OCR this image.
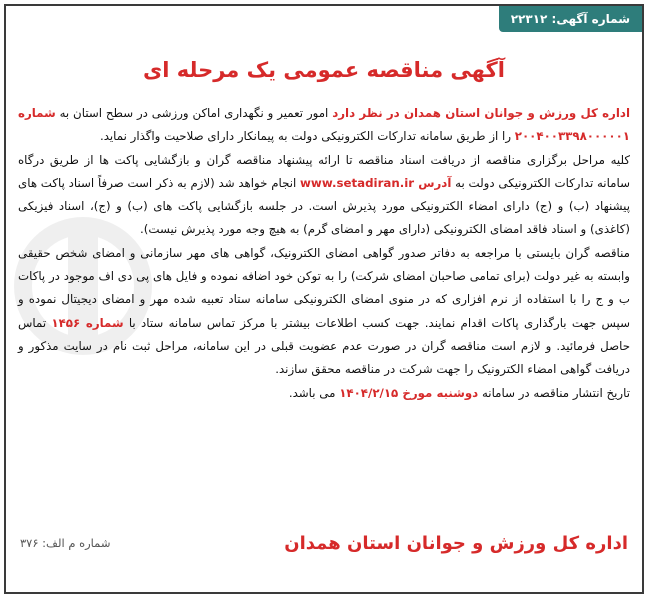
شماره آگهی: ۲۲۳۱۲
آگهی مناقصه عمومی یک مرحله ای

اداره کل ورزش و جوانان استان همدان در نظر دارد امور تعمیر و نگهداری اماکن ورزشی در سطح استان به شماره ۲۰۰۴۰۰۳۳۹۸۰۰۰۰۰۱ را از طریق سامانه تدارکات الکترونیکی دولت به پیمانکار دارای صلاحیت واگذار نماید.

کلیه مراحل برگزاری مناقصه از دریافت اسناد مناقصه تا ارائه پیشنهاد مناقصه گران و بازگشایی پاکت ها از طریق درگاه سامانه تدارکات الکترونیکی دولت به آدرس www.setadiran.ir انجام خواهد شد (لازم به ذکر است صرفاً اسناد پاکت های پیشنهاد (ب) و (ج) دارای امضاء الکترونیکی مورد پذیرش است. در جلسه بازگشایی پاکت های (ب) و (ج)، اسناد فیزیکی (کاغذی) و اسناد فاقد امضای الکترونیکی (دارای مهر و امضای گرم) به هیچ وجه مورد پذیرش نیست).

مناقصه گران بایستی با مراجعه به دفاتر صدور گواهی امضای الکترونیک، گواهی های مهر سازمانی و امضای شخص حقیقی وابسته به غیر دولت (برای تمامی صاحبان امضای شرکت) را به توکن خود اضافه نموده و فایل های پی دی اف موجود در پاکات ب و ج را با استفاده از نرم افزاری که در منوی امضای الکترونیکی سامانه ستاد تعبیه شده مهر و امضای دیجیتال نموده و سپس جهت بارگذاری پاکات اقدام نمایند. جهت کسب اطلاعات بیشتر با مرکز تماس سامانه ستاد با شماره ۱۴۵۶ تماس حاصل فرمائید. و لازم است مناقصه گران در صورت عدم عضویت قبلی در این سامانه، مراحل ثبت نام در سایت مذکور و دریافت گواهی امضاء الکترونیک را جهت شرکت در مناقصه محقق سازند.

تاریخ انتشار مناقصه در سامانه دوشنبه مورخ ۱۴۰۴/۲/۱۵ می باشد.

اداره کل ورزش و جوانان استان همدان
شماره م الف: ۳۷۶
